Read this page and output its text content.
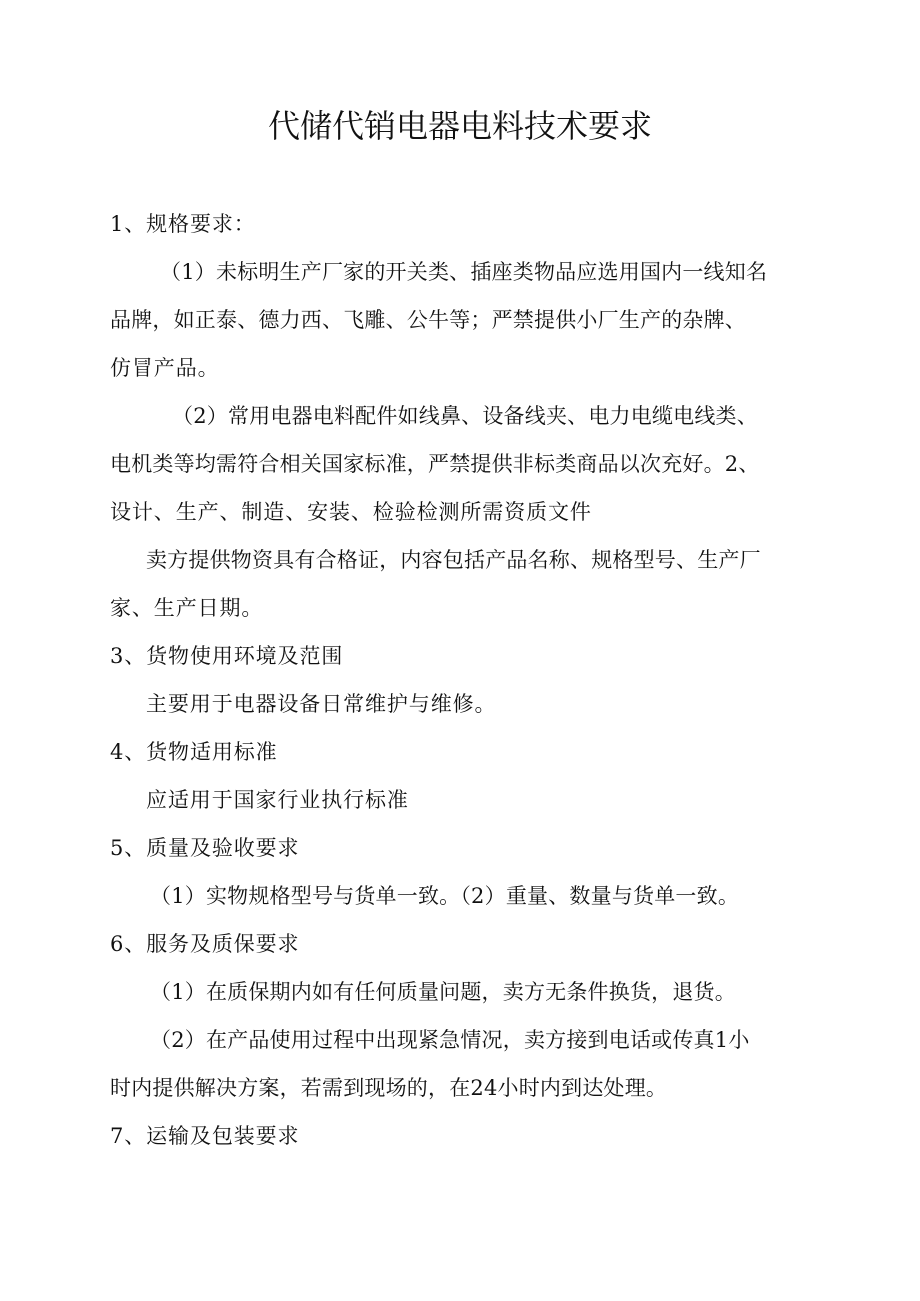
代储代销电器电料技术要求
1、规格要求：
（1）未标明生产厂家的开关类、插座类物品应选用国内一线知名
品牌，如正泰、德力西、飞雕、公牛等；严禁提供小厂生产的杂牌、
仿冒产品。
（2）常用电器电料配件如线鼻、设备线夹、电力电缆电线类、
电机类等均需符合相关国家标准，严禁提供非标类商品以次充好。2、
设计、生产、制造、安装、检验检测所需资质文件
卖方提供物资具有合格证，内容包括产品名称、规格型号、生产厂
家、生产日期。
3、货物使用环境及范围
主要用于电器设备日常维护与维修。
4、货物适用标准
应适用于国家行业执行标准
5、质量及验收要求
（1）实物规格型号与货单一致。（2）重量、数量与货单一致。
6、服务及质保要求
（1）在质保期内如有任何质量问题，卖方无条件换货，退货。
（2）在产品使用过程中出现紧急情况，卖方接到电话或传真1小
时内提供解决方案，若需到现场的，在24小时内到达处理。
7、运输及包装要求
